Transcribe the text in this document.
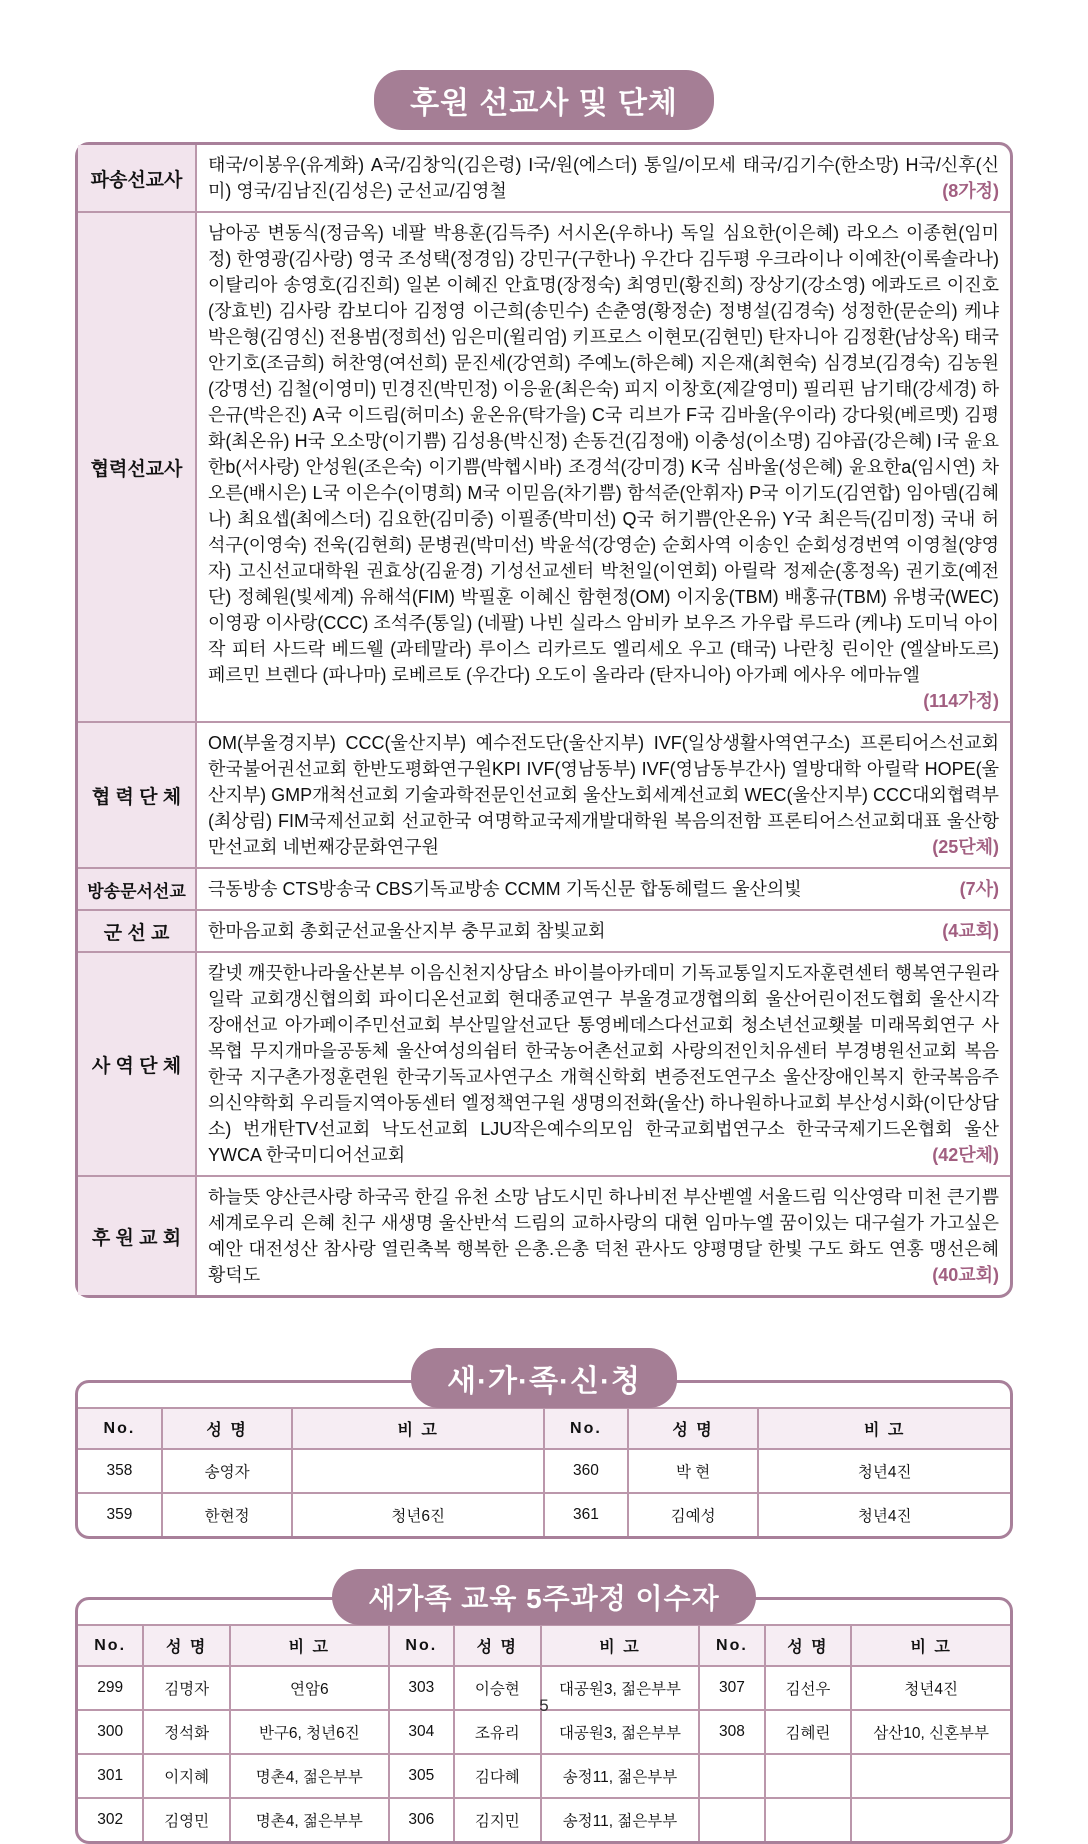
후원 선교사 및 단체
파송선교사	태국/이봉우(유계화) A국/김창익(김은령) I국/원(에스더) 통일/이모세 태국/김기수(한소망) H국/신후(신미) 영국/김남진(김성은) 군선교/김영철 (8가정)

협력선교사	남아공 변동식(정금옥) 네팔 박용훈(김득주) 서시온(우하나) 독일 심요한(이은혜) 라오스 이종현(임미정) 한영광(김사랑) 영국 조성택(정경임) 강민구(구한나) 우간다 김두평 우크라이나 이예찬(이록솔라나) 이탈리아 송영호(김진희) 일본 이혜진 안효명(장정숙) 최영민(황진희) 장상기(강소영) 에콰도르 이진호(장효빈) 김사랑 캄보디아 김정영 이근희(송민수) 손춘영(황정순) 정병설(김경숙) 성정한(문순의) 케냐 박은형(김영신) 전용범(정희선) 임은미(윌리엄) 키프로스 이현모(김현민) 탄자니아 김정환(남상옥) 태국 안기호(조금희) 허찬영(여선희) 문진세(강연희) 주예노(하은혜) 지은재(최현숙) 심경보(김경숙) 김농원(강명선) 김철(이영미) 민경진(박민정) 이응윤(최은숙) 피지 이창호(제갈영미) 필리핀 남기태(강세경) 하은규(박은진) A국 이드림(허미소) 윤온유(탁가을) C국 리브가 F국 김바울(우이라) 강다윗(베르멧) 김평화(최온유) H국 오소망(이기쁨) 김성용(박신정) 손동건(김정애) 이충성(이소명) 김야곱(강은혜) I국 윤요한b(서사랑) 안성원(조은숙) 이기쁨(박헵시바) 조경석(강미경) K국 심바울(성은혜) 윤요한a(임시연) 차오른(배시은) L국 이은수(이명희) M국 이믿음(차기쁨) 함석준(안휘자) P국 이기도(김연합) 임아뎀(김혜나) 최요셉(최에스더) 김요한(김미중) 이필종(박미선) Q국 허기쁨(안온유) Y국 최은득(김미정) 국내 허석구(이영숙) 전욱(김현희) 문병권(박미선) 박윤석(강영순) 순회사역 이송인 순회성경번역 이영철(양영자) 고신선교대학원 권효상(김윤경) 기성선교센터 박천일(이연회) 아릴락 정제순(홍정옥) 권기호(예전단) 정혜원(빛세계) 유해석(FIM) 박필훈 이혜신 함현정(OM) 이지웅(TBM) 배홍규(TBM) 유병국(WEC) 이영광 이사랑(CCC) 조석주(통일) (네팔) 나빈 실라스 암비카 보우즈 가우랍 루드라 (케냐) 도미닉 아이작 피터 사드락 베드웰 (과테말라) 루이스 리카르도 엘리세오 우고 (태국) 나란칭 린이안 (엘살바도르) 페르민 브렌다 (파나마) 로베르토 (우간다) 오도이 올라라 (탄자니아) 아가페 에사우 에마뉴엘
(114가정)

협 력 단 체	OM(부울경지부) CCC(울산지부) 예수전도단(울산지부) IVF(일상생활사역연구소) 프론티어스선교회 한국불어권선교회 한반도평화연구원KPI IVF(영남동부) IVF(영남동부간사) 열방대학 아릴락 HOPE(울산지부) GMP개척선교회 기술과학전문인선교회 울산노회세계선교회 WEC(울산지부) CCC대외협력부(최상림) FIM국제선교회 선교한국 여명학교국제개발대학원 복음의전함 프론티어스선교회대표 울산항만선교회 네번째강문화연구원 (25단체)

방송문서선교	극동방송 CTS방송국 CBS기독교방송 CCMM 기독신문 합동헤럴드 울산의빛 (7사)

군 선 교	한마음교회 총회군선교울산지부 충무교회 참빛교회 (4교회)

사 역 단 체	칼넷 깨끗한나라울산본부 이음신천지상담소 바이블아카데미 기독교통일지도자훈련센터 행복연구원라일락 교회갱신협의회 파이디온선교회 현대종교연구 부울경교갱협의회 울산어린이전도협회 울산시각장애선교 아가페이주민선교회 부산밀알선교단 통영베데스다선교회 청소년선교횃불 미래목회연구 사목협 무지개마을공동체 울산여성의쉼터 한국농어촌선교회 사랑의전인치유센터 부경병원선교회 복음한국 지구촌가정훈련원 한국기독교사연구소 개혁신학회 변증전도연구소 울산장애인복지 한국복음주의신약학회 우리들지역아동센터 엘정책연구원 생명의전화(울산) 하나원하나교회 부산성시화(이단상담소) 번개탄TV선교회 낙도선교회 LJU작은예수의모임 한국교회법연구소 한국국제기드온협회 울산YWCA 한국미디어선교회 (42단체)

후 원 교 회	하늘뜻 양산큰사랑 하국곡 한길 유천 소망 남도시민 하나비전 부산벧엘 서울드림 익산영락 미천 큰기쁨 세계로우리 은혜 친구 새생명 울산반석 드림의 교하사랑의 대현 임마누엘 꿈이있는 대구쉴가 가고싶은 예안 대전성산 참사랑 열린축복 행복한 은총.은총 덕천 관사도 양평명달 한빛 구도 화도 연홍 맹선은혜 황덕도 (40교회)
새·가·족·신·청
No.	성 명	비 고	No.	성 명	비 고
358	송영자		360	박 현	청년4진
359	한현정	청년6진	361	김예성	청년4진
새가족 교육 5주과정 이수자
No.	성 명	비 고	No.	성 명	비 고	No.	성 명	비 고
299	김명자	연암6	303	이승현	대공원3, 젊은부부	307	김선우	청년4진
300	정석화	반구6, 청년6진	304	조유리	대공원3, 젊은부부	308	김혜린	삼산10, 신혼부부
301	이지혜	명촌4, 젊은부부	305	김다혜	송정11, 젊은부부			
302	김영민	명촌4, 젊은부부	306	김지민	송정11, 젊은부부			
5
